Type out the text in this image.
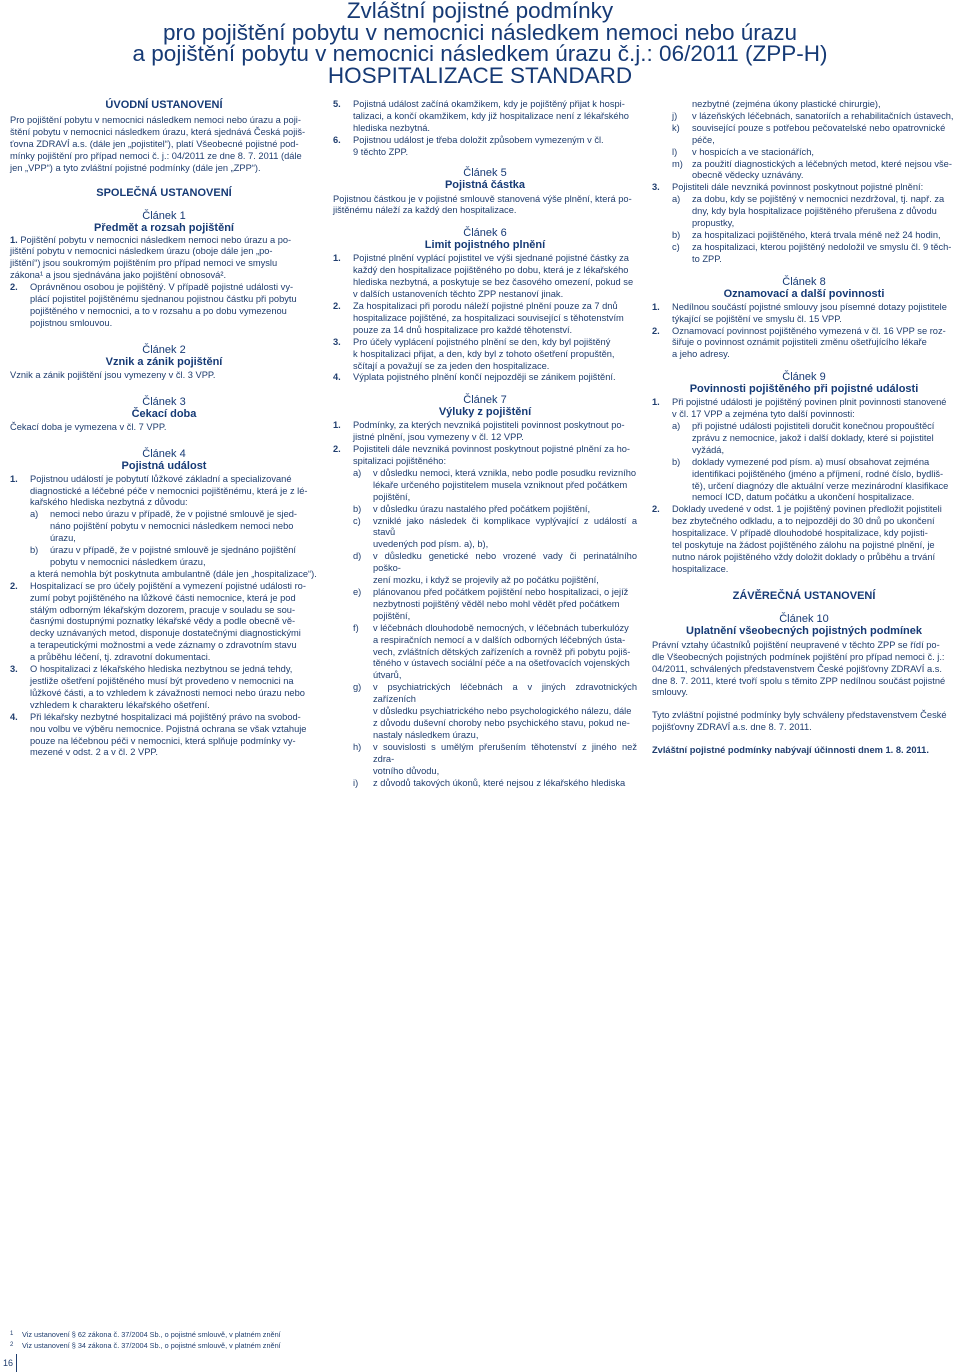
Zvláštní pojistné podmínky
pro pojištění pobytu v nemocnici následkem nemoci nebo úrazu
a pojištění pobytu v nemocnici následkem úrazu č.j.: 06/2011 (ZPP-H)
HOSPITALIZACE STANDARD

ÚVODNÍ USTANOVENÍ

Pro pojištění pobytu v nemocnici následkem nemoci nebo úrazu a poji-
štění pobytu v nemocnici následkem úrazu, která sjednává Česká pojiš-
ťovna ZDRAVÍ a.s. (dále jen „pojistitel“), platí Všeobecné pojistné pod-
mínky pojištění pro případ nemoci č. j.: 04/2011 ze dne 8. 7. 2011 (dále
jen „VPP“) a tyto zvláštní pojistné podmínky (dále jen „ZPP“).

SPOLEČNÁ USTANOVENÍ

Článek 1
Předmět a rozsah pojištění
1. Pojištění pobytu v nemocnici následkem nemoci nebo úrazu a po-
jištění pobytu v nemocnici následkem úrazu (oboje dále jen „po-
jištění“) jsou soukromým pojištěním pro případ nemoci ve smyslu
zákona¹ a jsou sjednávána jako pojištění obnosová².
2. Oprávněnou osobou je pojištěný. V případě pojistné události vy-
plácí pojistitel pojištěnému sjednanou pojistnou částku při pobytu
pojištěného v nemocnici, a to v rozsahu a po dobu vymezenou
pojistnou smlouvou.
Článek 2
Vznik a zánik pojištění

Vznik a zánik pojištění jsou vymezeny v čl. 3 VPP.

Článek 3
Čekací doba

Čekací doba je vymezena v čl. 7 VPP.

Článek 4
Pojistná událost
1. Pojistnou událostí je pobytutí lůžkové základní a specializované
diagnostické a léčebné péče v nemocnici pojištěnému, která je z lé-
kařského hlediska nezbytná z důvodu:
a) nemoci nebo úrazu v případě, že v pojistné smlouvě je sjed-
náno pojištění pobytu v nemocnici následkem nemoci nebo
úrazu,
b) úrazu v případě, že v pojistné smlouvě je sjednáno pojištění
pobytu v nemocnici následkem úrazu,
a která nemohla být poskytnuta ambulantně (dále jen „hospitalizace“).
2. Hospitalizací se pro účely pojištění a vymezení pojistné události ro-
zumí pobyt pojištěného na lůžkové části nemocnice, která je pod
stálým odborným lékařským dozorem, pracuje v souladu se sou-
časnými dostupnými poznatky lékařské vědy a podle obecně vě-
decky uznávaných metod, disponuje dostatečnými diagnostickými
a terapeutickými možnostmi a vede záznamy o zdravotním stavu
a průběhu léčení, tj. zdravotní dokumentaci.
3. O hospitalizaci z lékařského hlediska nezbytnou se jedná tehdy,
jestliže ošetření pojištěného musí být provedeno v nemocnici na
lůžkové části, a to vzhledem k závažnosti nemoci nebo úrazu nebo
vzhledem k charakteru lékařského ošetření.
4. Při lékařsky nezbytné hospitalizaci má pojištěný právo na svobod-
nou volbu ve výběru nemocnice. Pojistná ochrana se však vztahuje
pouze na léčebnou péči v nemocnici, která splňuje podmínky vy-
mezené v odst. 2 a v čl. 2 VPP.
5. Pojistná událost začíná okamžikem, kdy je pojištěný přijat k hospi-
talizaci, a končí okamžikem, kdy již hospitalizace není z lékařského
hlediska nezbytná.
6. Pojistnou událost je třeba doložit způsobem vymezeným v čl.
9 těchto ZPP.
Článek 5
Pojistná částka
Pojistnou částkou je v pojistné smlouvě stanovená výše plnění, která po-
jištěnému náleží za každý den hospitalizace.
Článek 6
Limit pojistného plnění
1. Pojistné plnění vyplácí pojistitel ve výši sjednané pojistné částky za
každý den hospitalizace pojištěného po dobu, která je z lékařského
hlediska nezbytná, a poskytuje se bez časového omezení, pokud se
v dalších ustanoveních těchto ZPP nestanoví jinak.
2. Za hospitalizaci při porodu náleží pojistné plnění pouze za 7 dnů
hospitalizace pojištěné, za hospitalizaci související s těhotenstvím
pouze za 14 dnů hospitalizace pro každé těhotenství.
3. Pro účely vyplácení pojistného plnění se den, kdy byl pojištěný
k hospitalizaci přijat, a den, kdy byl z tohoto ošetření propuštěn,
sčítají a považují se za jeden den hospitalizace.
4. Výplata pojistného plnění končí nejpozději se zánikem pojištění.
Článek 7
Výluky z pojištění
1. Podmínky, za kterých nevzniká pojistiteli povinnost poskytnout po-
jistné plnění, jsou vymezeny v čl. 12 VPP.
2. Pojistiteli dále nevzniká povinnost poskytnout pojistné plnění za ho-
spitalizaci pojištěného:
a) v důsledku nemoci, která vznikla, nebo podle posudku revizního
lékaře určeného pojistitelem musela vzniknout před počátkem
pojištění,
b) v důsledku úrazu nastalého před počátkem pojištění,
c) vzniklé jako následek či komplikace vyplývající z událostí a stavů
uvedených pod písm. a), b),
d) v důsledku genetické nebo vrozené vady či perinatálního poško-
zení mozku, i když se projevily až po počátku pojištění,
e) plánovanou před počátkem pojištění nebo hospitalizaci, o jejíž
nezbytnosti pojištěný věděl nebo mohl vědět před počátkem
pojištění,
f) v léčebnách dlouhodobě nemocných, v léčebnách tuberkulózy
a respiračních nemocí a v dalších odborných léčebných ústa-
vech, zvláštních dětských zařízeních a rovněž při pobytu pojiš-
těného v ústavech sociální péče a na ošetřovacích vojenských
útvarů,
g) v psychiatrických léčebnách a v jiných zdravotnických zařízeních
v důsledku psychiatrického nebo psychologického nálezu, dále
z důvodu duševní choroby nebo psychického stavu, pokud ne-
nastaly následkem úrazu,
h) v souvislosti s umělým přerušením těhotenství z jiného než zdra-
votního důvodu,
i) z důvodů takových úkonů, které nejsou z lékařského hlediska
nezbytné (zejména úkony plastické chirurgie),
j) v lázeňských léčebnách, sanatoriích a rehabilitačních ústavech,
k) související pouze s potřebou pečovatelské nebo opatrovnické
péče,
l) v hospicích a ve stacionářích,
m) za použití diagnostických a léčebných metod, které nejsou vše-
obecně vědecky uznávány.
3. Pojistiteli dále nevzniká povinnost poskytnout pojistné plnění:
a) za dobu, kdy se pojištěný v nemocnici nezdržoval, tj. např. za
dny, kdy byla hospitalizace pojištěného přerušena z důvodu
propustky,
b) za hospitalizaci pojištěného, která trvala méně než 24 hodin,
c) za hospitalizaci, kterou pojištěný nedoložil ve smyslu čl. 9 těch-
to ZPP.
Článek 8
Oznamovací a další povinnosti
1. Nedílnou součástí pojistné smlouvy jsou písemné dotazy pojistitele
týkající se pojištění ve smyslu čl. 15 VPP.
2. Oznamovací povinnost pojištěného vymezená v čl. 16 VPP se roz-
šiřuje o povinnost oznámit pojistiteli změnu ošetřujícího lékaře
a jeho adresy.
Článek 9
Povinnosti pojištěného při pojistné události
1. Při pojistné události je pojištěný povinen plnit povinnosti stanovené
v čl. 17 VPP a zejména tyto další povinnosti:
a) při pojistné události pojistiteli doručit konečnou propouštěcí
zprávu z nemocnice, jakož i další doklady, které si pojistitel
vyžádá,
b) doklady vymezené pod písm. a) musí obsahovat zejména
identifikaci pojištěného (jméno a příjmení, rodné číslo, bydliš-
tě), určení diagnózy dle aktuální verze mezinárodní klasifikace
nemocí ICD, datum počátku a ukončení hospitalizace.
2. Doklady uvedené v odst. 1 je pojištěný povinen předložit pojistiteli
bez zbytečného odkladu, a to nejpozději do 30 dnů po ukončení
hospitalizace. V případě dlouhodobé hospitalizace, kdy pojisti-
tel poskytuje na žádost pojištěného zálohu na pojistné plnění, je
nutno nárok pojištěného vždy doložit doklady o průběhu a trvání
hospitalizace.

ZÁVĚREČNÁ USTANOVENÍ

Článek 10
Uplatnění všeobecných pojistných podmínek
Právní vztahy účastníků pojištění neupravené v těchto ZPP se řídí po-
dle Všeobecných pojistných podmínek pojištění pro případ nemoci č. j.:
04/2011, schválených představenstvem České pojišťovny ZDRAVÍ a.s.
dne 8. 7. 2011, které tvoří spolu s těmito ZPP nedílnou součást pojistné
smlouvy.
Tyto zvláštní pojistné podmínky byly schváleny představenstvem České
pojišťovny ZDRAVÍ a.s. dne 8. 7. 2011.

Zvláštní pojistné podmínky nabývají účinnosti dnem 1. 8. 2011.

1	Viz ustanovení § 62 zákona č. 37/2004 Sb., o pojistné smlouvě, v platném znění
2	Viz ustanovení § 34 zákona č. 37/2004 Sb., o pojistné smlouvě, v platném znění
16
